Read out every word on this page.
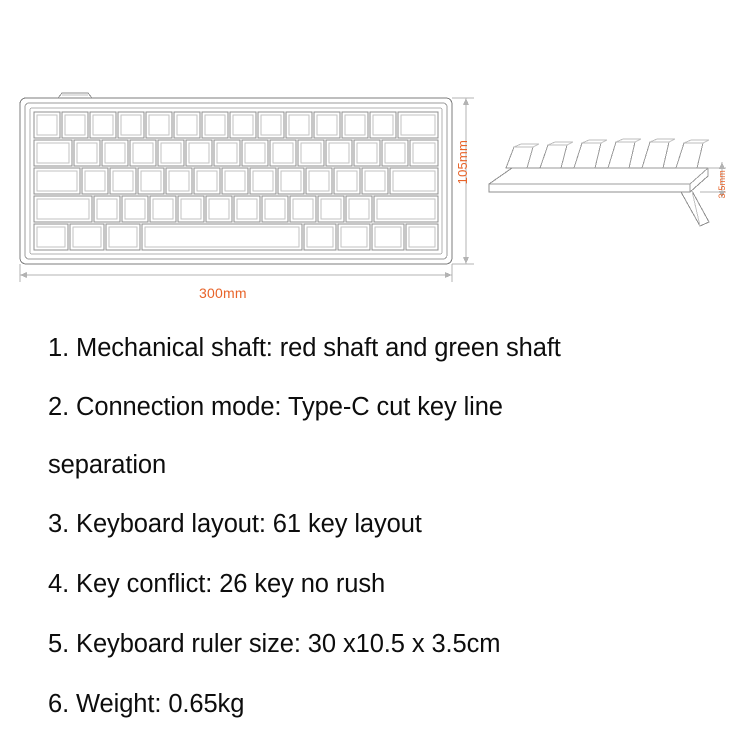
300mm
105mm	3.5mm
1. Mechanical shaft: red shaft and green shaft
2. Connection mode: Type-C cut key line
separation
3. Keyboard layout: 61 key layout
4. Key conflict: 26 key no rush
5. Keyboard ruler size: 30 x10.5 x 3.5cm
6. Weight: 0.65kg
